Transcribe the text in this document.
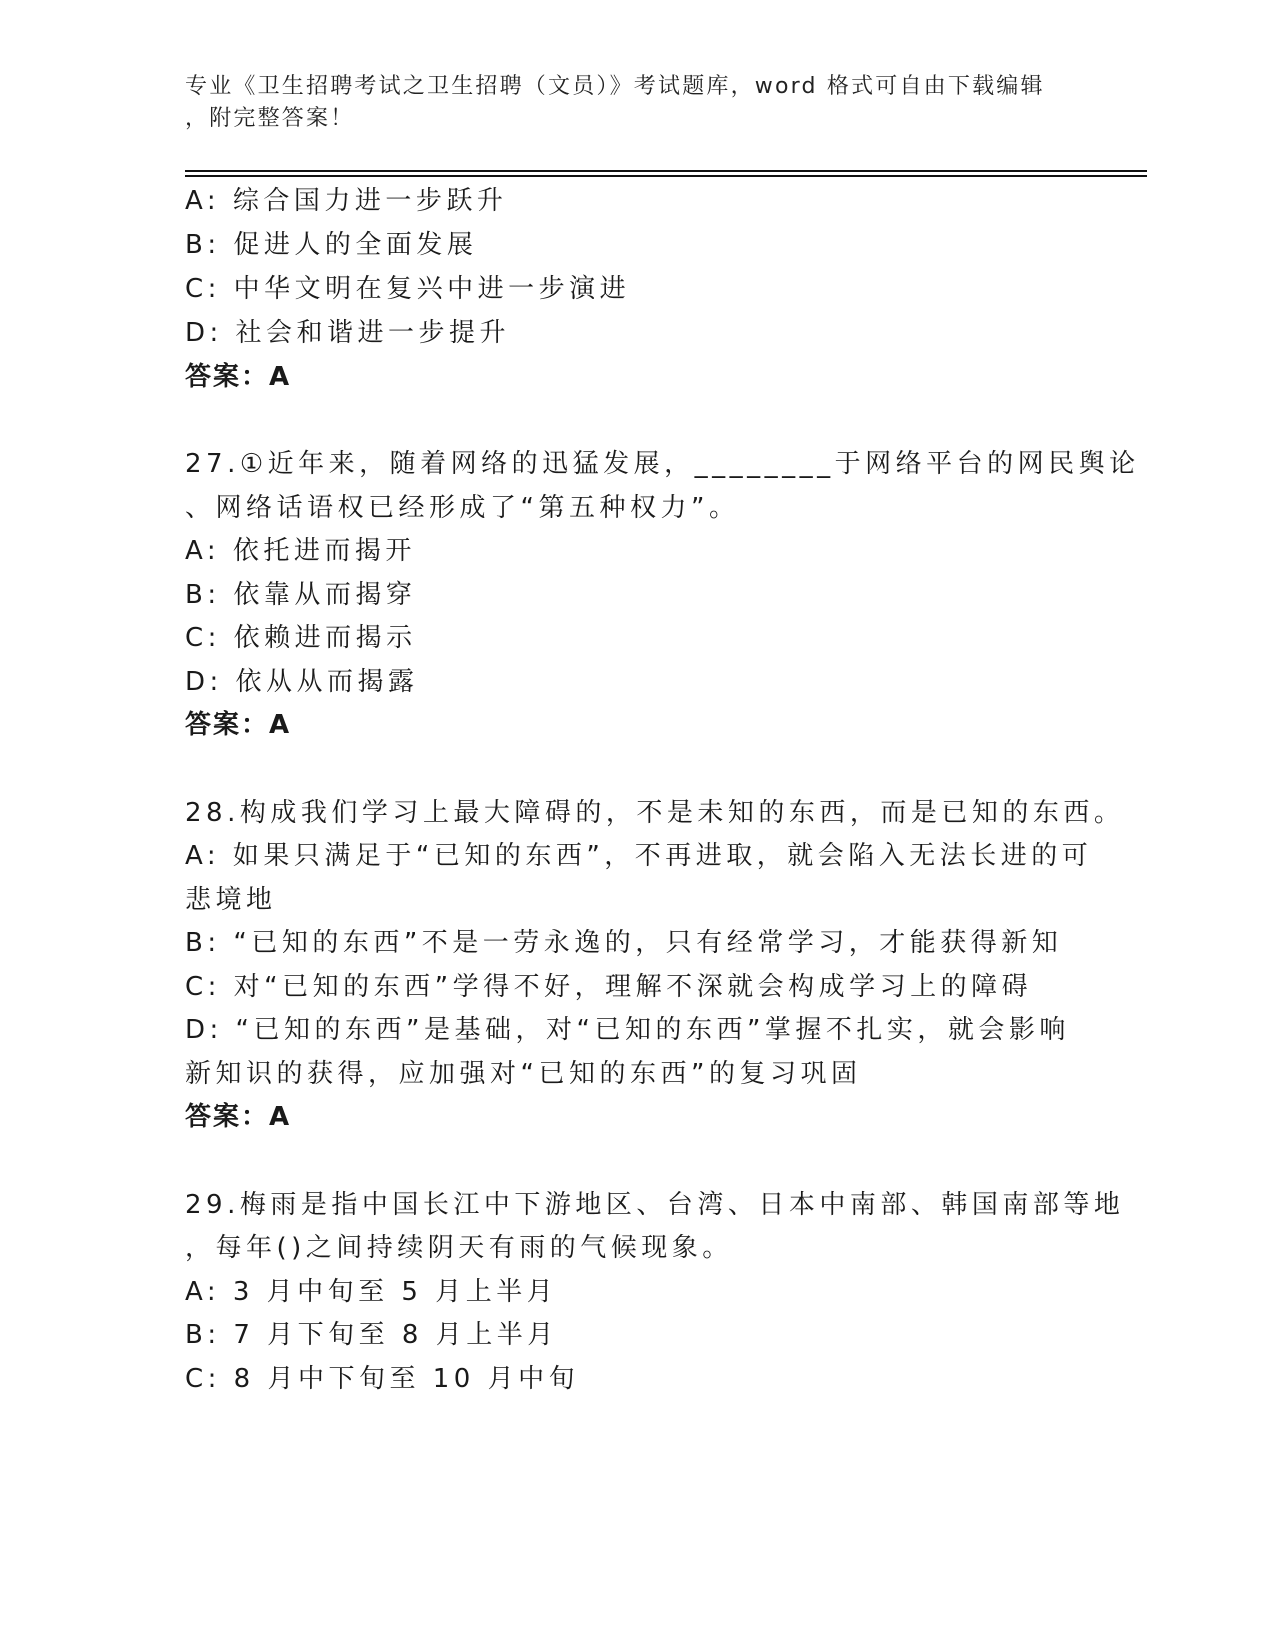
专业《卫生招聘考试之卫生招聘（文员）》考试题库，word 格式可自由下载编辑
，附完整答案！
A: 综合国力进一步跃升
B: 促进人的全面发展
C: 中华文明在复兴中进一步演进
D: 社会和谐进一步提升
答案：A
27.①近年来，随着网络的迅猛发展，________于网络平台的网民舆论
、网络话语权已经形成了“第五种权力”。
A: 依托进而揭开
B: 依靠从而揭穿
C: 依赖进而揭示
D: 依从从而揭露
答案：A
28.构成我们学习上最大障碍的，不是未知的东西，而是已知的东西。
A: 如果只满足于“已知的东西”，不再进取，就会陷入无法长进的可
悲境地
B: “已知的东西”不是一劳永逸的，只有经常学习，才能获得新知
C: 对“已知的东西”学得不好，理解不深就会构成学习上的障碍
D: “已知的东西”是基础，对“已知的东西”掌握不扎实，就会影响
新知识的获得，应加强对“已知的东西”的复习巩固
答案：A
29.梅雨是指中国长江中下游地区、台湾、日本中南部、韩国南部等地
，每年()之间持续阴天有雨的气候现象。
A: 3 月中旬至 5 月上半月
B: 7 月下旬至 8 月上半月
C: 8 月中下旬至 10 月中旬
